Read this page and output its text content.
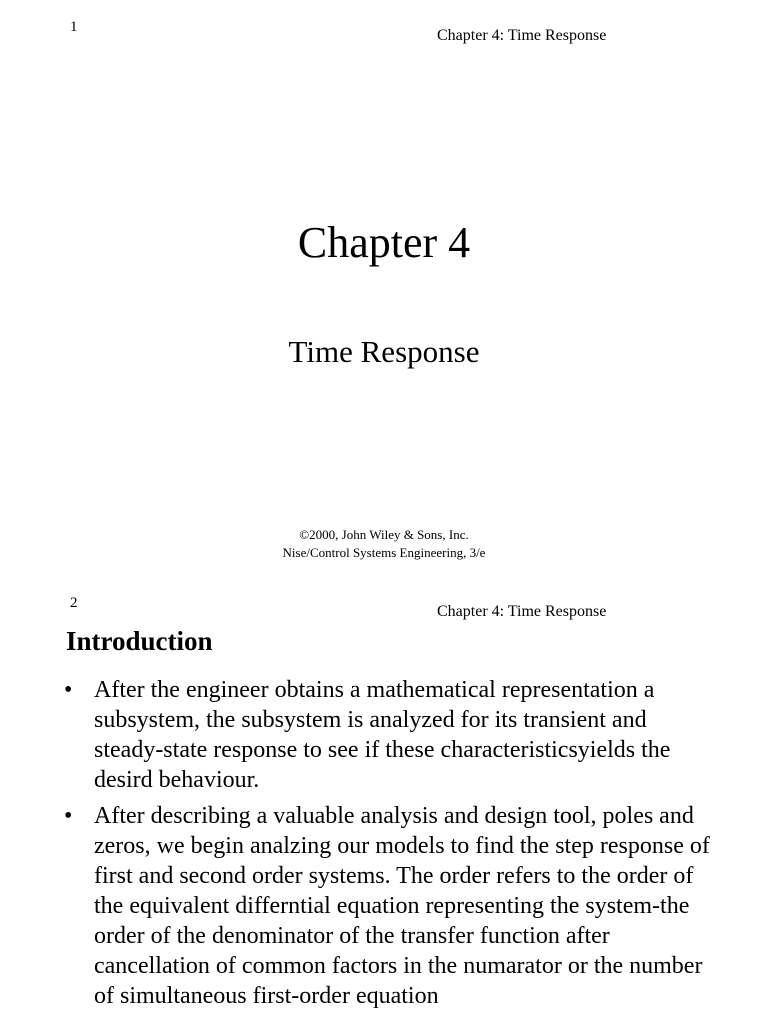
1	Chapter 4: Time Response
Chapter 4
Time Response
©2000, John Wiley & Sons, Inc.
Nise/Control Systems Engineering, 3/e
2	Chapter 4: Time Response
Introduction
• After the engineer obtains a mathematical representation a subsystem, the subsystem is analyzed for its transient and steady-state response to see if these characteristicsyields the desird behaviour.
• After describing a valuable analysis and design tool, poles and zeros, we begin analzing our models to find the step response of first and second order systems. The order refers to the order of the equivalent differntial equation representing the system-the order of the denominator of the transfer function after cancellation of common factors in the numarator or the number of simultaneous first-order equation
